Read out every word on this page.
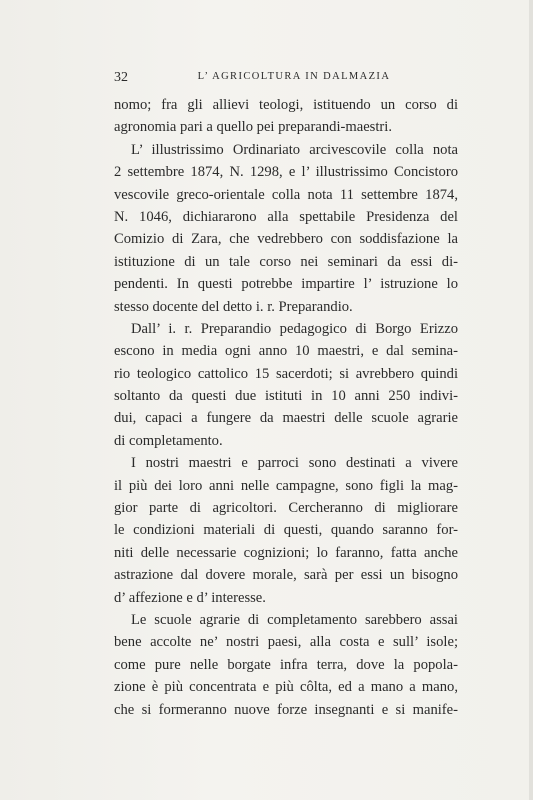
32	L’ AGRICOLTURA IN DALMAZIA
nomo; fra gli allievi teologi, istituendo un corso di
agronomia pari a quello pei preparandi-maestri.
L’ illustrissimo Ordinariato arcivescovile colla nota
2 settembre 1874, N. 1298, e l’ illustrissimo Concistoro
vescovile greco-orientale colla nota 11 settembre 1874,
N. 1046, dichiararono alla spettabile Presidenza del
Comizio di Zara, che vedrebbero con soddisfazione la
istituzione di un tale corso nei seminari da essi di-
pendenti. In questi potrebbe impartire l’ istruzione lo
stesso docente del detto i. r. Preparandio.
Dall’ i. r. Preparandio pedagogico di Borgo Erizzo
escono in media ogni anno 10 maestri, e dal semina-
rio teologico cattolico 15 sacerdoti; si avrebbero quindi
soltanto da questi due istituti in 10 anni 250 indivi-
dui, capaci a fungere da maestri delle scuole agrarie
di completamento.
I nostri maestri e parroci sono destinati a vivere
il più dei loro anni nelle campagne, sono figli la mag-
gior parte di agricoltori. Cercheranno di migliorare
le condizioni materiali di questi, quando saranno for-
niti delle necessarie cognizioni; lo faranno, fatta anche
astrazione dal dovere morale, sarà per essi un bisogno
d’ affezione e d’ interesse.
Le scuole agrarie di completamento sarebbero assai
bene accolte ne’ nostri paesi, alla costa e sull’ isole;
come pure nelle borgate infra terra, dove la popola-
zione è più concentrata e più côlta, ed a mano a mano,
che si formeranno nuove forze insegnanti e si manife-
